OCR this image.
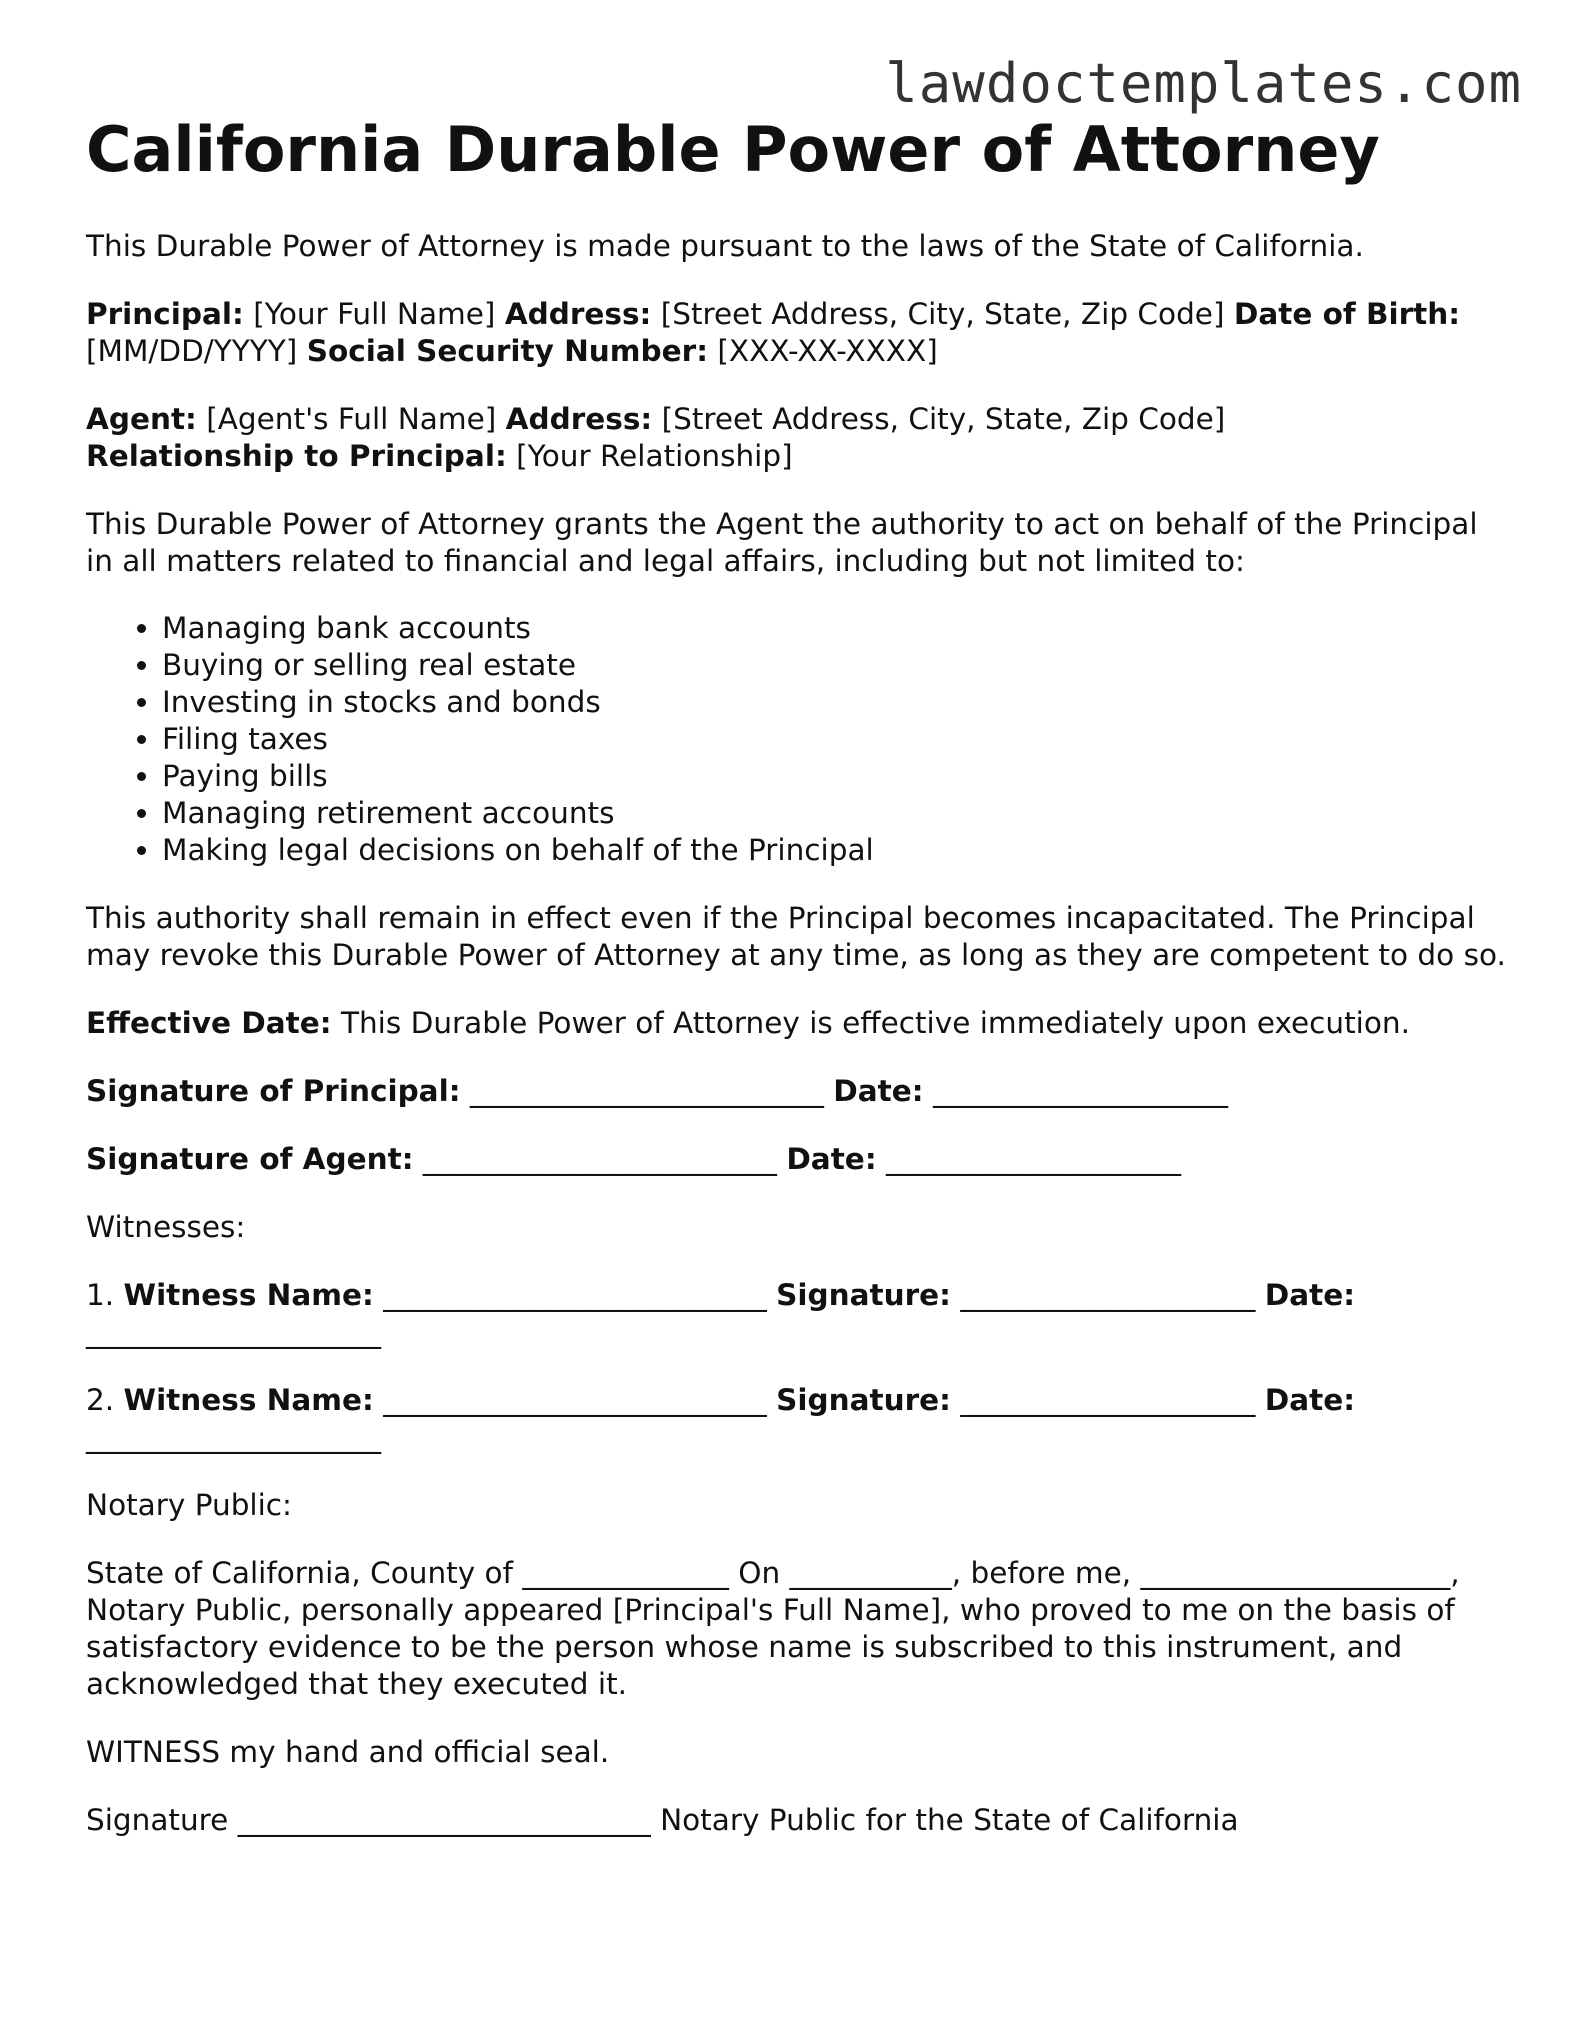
lawdoctemplates.com
California Durable Power of Attorney

This Durable Power of Attorney is made pursuant to the laws of the State of California.

Principal: [Your Full Name] Address: [Street Address, City, State, Zip Code] Date of Birth: [MM/DD/YYYY] Social Security Number: [XXX-XX-XXXX]

Agent: [Agent's Full Name] Address: [Street Address, City, State, Zip Code]
Relationship to Principal: [Your Relationship]

This Durable Power of Attorney grants the Agent the authority to act on behalf of the Principal in all matters related to financial and legal affairs, including but not limited to:

• Managing bank accounts
• Buying or selling real estate
• Investing in stocks and bonds
• Filing taxes
• Paying bills
• Managing retirement accounts
• Making legal decisions on behalf of the Principal

This authority shall remain in effect even if the Principal becomes incapacitated. The Principal may revoke this Durable Power of Attorney at any time, as long as they are competent to do so.

Effective Date: This Durable Power of Attorney is effective immediately upon execution.

Signature of Principal: ________________________ Date: ____________________

Signature of Agent: ________________________ Date: ____________________

Witnesses:

1. Witness Name: __________________________ Signature: ____________________ Date: ____________________

2. Witness Name: __________________________ Signature: ____________________ Date: ____________________

Notary Public:

State of California, County of ______________ On ___________, before me, _____________________, Notary Public, personally appeared [Principal's Full Name], who proved to me on the basis of satisfactory evidence to be the person whose name is subscribed to this instrument, and acknowledged that they executed it.

WITNESS my hand and official seal.

Signature ____________________________ Notary Public for the State of California
